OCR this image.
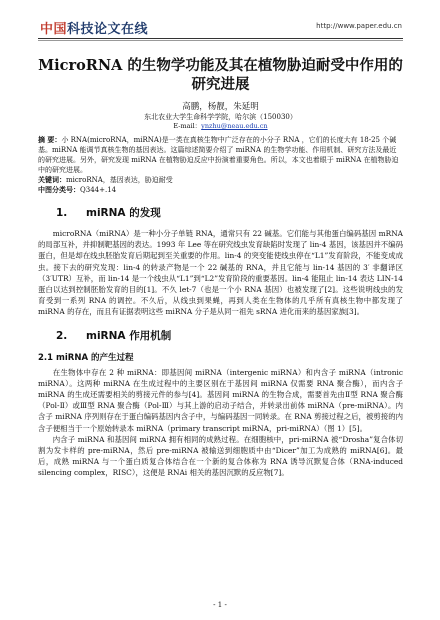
中国科技论文在线	http://www.paper.edu.cn
MicroRNA 的生物学功能及其在植物胁迫耐受中作用的研究进展
高鹏，杨靓，朱延明
东北农业大学生命科学学院，哈尔滨（150030）
E-mail：ynzhu@neau.edu.cn
摘 要：小 RNA(microRNA，miRNA)是一类在真核生物中广泛存在的小分子 RNA ，它们的长度大有 18-25 个碱基。miRNA 能调节真核生物的基因表达。这篇综述简要介绍了 miRNA 的生物学功能、作用机制、研究方法及最近的研究进展。另外，研究发现 miRNA 在植物胁迫反应中扮演着重要角色。所以，本文也着眼于 miRNA 在植物胁迫中的研究进展。
关键词：microRNA，基因表达，胁迫耐受
中图分类号：Q344+.14
1. miRNA 的发现

microRNA（miRNA）是一种小分子单链 RNA，通常只有 22 碱基。它们能与其他蛋白编码基因 mRNA 的局部互补，并抑制靶基因的表达。1993 年 Lee 等在研究线虫发育缺陷时发现了 lin-4 基因，该基因并不编码蛋白，但是却在线虫胚胎发育后期起到至关重要的作用。lin-4 的突变能使线虫停在“L1”发育阶段，不能变成成虫。接下去的研究发现：lin-4 的转录产物是一个 22 碱基的 RNA，并且它能与 lin-14 基因的 3′ 非翻译区（3′UTR）互补，而 lin-14 是一个线虫从“L1”到“L2”发育阶段的重要基因。lin-4 能阻止 lin-14 表达 LIN-14 蛋白以达到控制胚胎发育的目的[1]。不久 let-7（也是一个小 RNA 基因）也被发现了[2]。这些说明线虫的发育受到一系列 RNA 的调控。不久后，从线虫到果蝇，再到人类在生物体的几乎所有真核生物中都发现了 miRNA 的存在，而且有证据表明这些 miRNA 分子是从同一祖先 sRNA 进化而来的基因家族[3]。

2. miRNA 作用机制
2.1 miRNA 的产生过程

在生物体中存在 2 种 miRNA：即基因间 miRNA（intergenic miRNA）和内含子 miRNA（intronic miRNA）。这两种 miRNA 在生成过程中的主要区别在于基因间 miRNA 仅需要 RNA 聚合酶），而内含子 miRNA 的生成还需要相关的剪接元件的参与[4]。基因间 miRNA 的生物合成，需要首先由Ⅱ型 RNA 聚合酶（Pol-Ⅱ）或Ⅲ型 RNA 聚合酶（Pol-Ⅲ）与其上游的启动子结合，并转录出前体 miRNA（pre-miRNA）。内含子 miRNA 序列则存在于蛋白编码基因内含子中，与编码基因一同转录。在 RNA 剪接过程之后，被剪接的内含子便相当于一个原始转录本 miRNA（primary transcript miRNA，pri-miRNA）（图 1）[5]。

内含子 miRNA 和基因间 miRNA 拥有相同的成熟过程。在细胞核中，pri-miRNA 被“Drosha”复合体切割为发卡样的 pre-miRNA，然后 pre-miRNA 被输送到细胞质中由“Dicer”加工为成熟的 miRNA[6]。最后，成熟 miRNA 与一个蛋白质复合体结合在一个新的复合体称为 RNA 诱导沉默复合体（RNA-induced silencing complex，RISC），这便是 RNAi 相关的基因沉默的反应物[7]。

- 1 -
